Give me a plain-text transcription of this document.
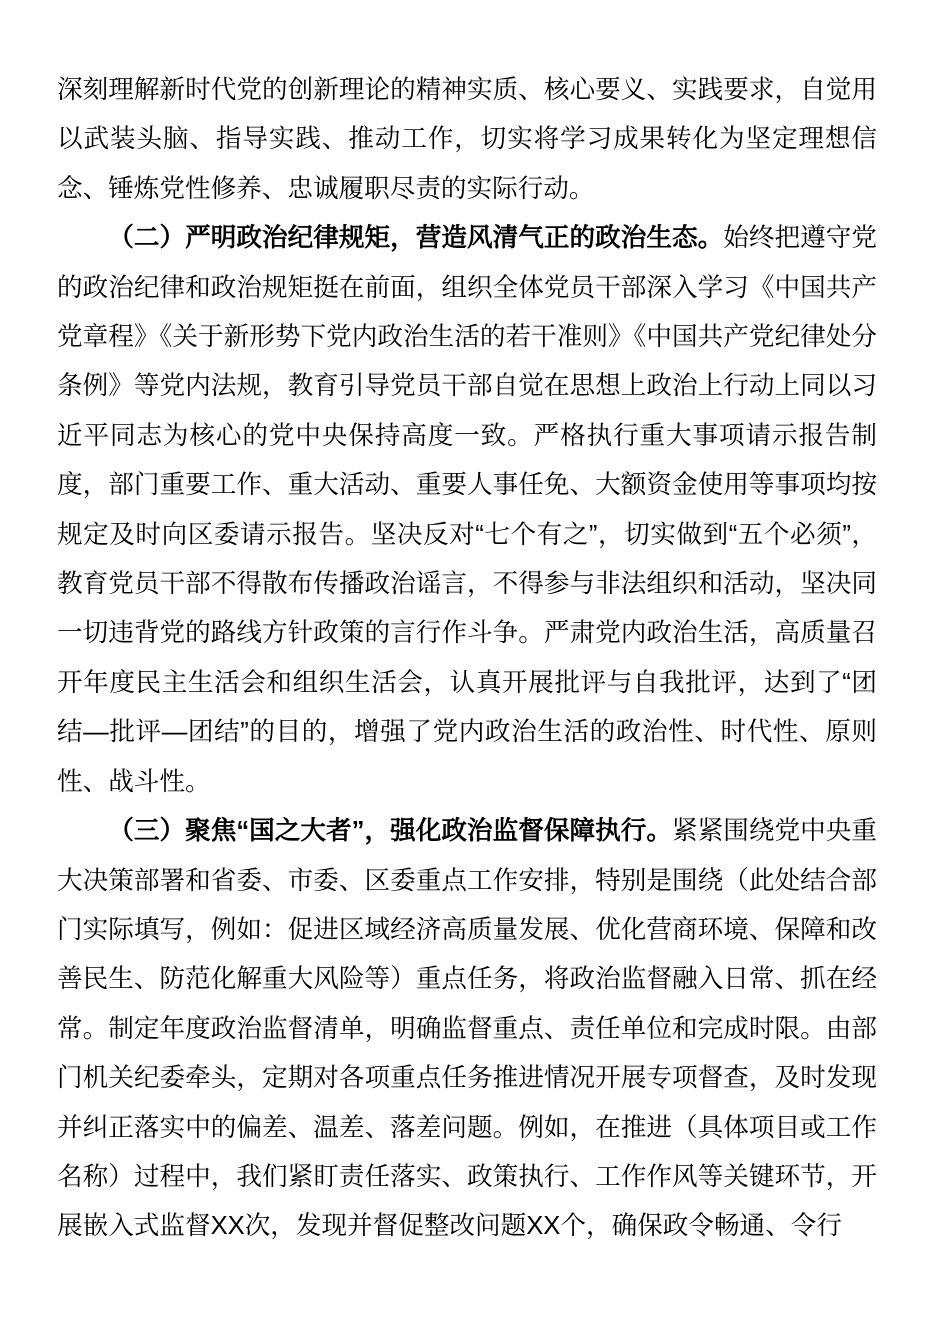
深刻理解新时代党的创新理论的精神实质、核心要义、实践要求，自觉用以武装头脑、指导实践、推动工作，切实将学习成果转化为坚定理想信念、锤炼党性修养、忠诚履职尽责的实际行动。

（二）严明政治纪律规矩，营造风清气正的政治生态。始终把遵守党的政治纪律和政治规矩挺在前面，组织全体党员干部深入学习《中国共产党章程》《关于新形势下党内政治生活的若干准则》《中国共产党纪律处分条例》等党内法规，教育引导党员干部自觉在思想上政治上行动上同以习近平同志为核心的党中央保持高度一致。严格执行重大事项请示报告制度，部门重要工作、重大活动、重要人事任免、大额资金使用等事项均按规定及时向区委请示报告。坚决反对“七个有之”，切实做到“五个必须”，教育党员干部不得散布传播政治谣言，不得参与非法组织和活动，坚决同一切违背党的路线方针政策的言行作斗争。严肃党内政治生活，高质量召开年度民主生活会和组织生活会，认真开展批评与自我批评，达到了“团结—批评—团结”的目的，增强了党内政治生活的政治性、时代性、原则性、战斗性。

（三）聚焦“国之大者”，强化政治监督保障执行。紧紧围绕党中央重大决策部署和省委、市委、区委重点工作安排，特别是围绕（此处结合部门实际填写，例如：促进区域经济高质量发展、优化营商环境、保障和改善民生、防范化解重大风险等）重点任务，将政治监督融入日常、抓在经常。制定年度政治监督清单，明确监督重点、责任单位和完成时限。由部门机关纪委牵头，定期对各项重点任务推进情况开展专项督查，及时发现并纠正落实中的偏差、温差、落差问题。例如，在推进（具体项目或工作名称）过程中，我们紧盯责任落实、政策执行、工作作风等关键环节，开展嵌入式监督XX次，发现并督促整改问题XX个，确保政令畅通、令行
